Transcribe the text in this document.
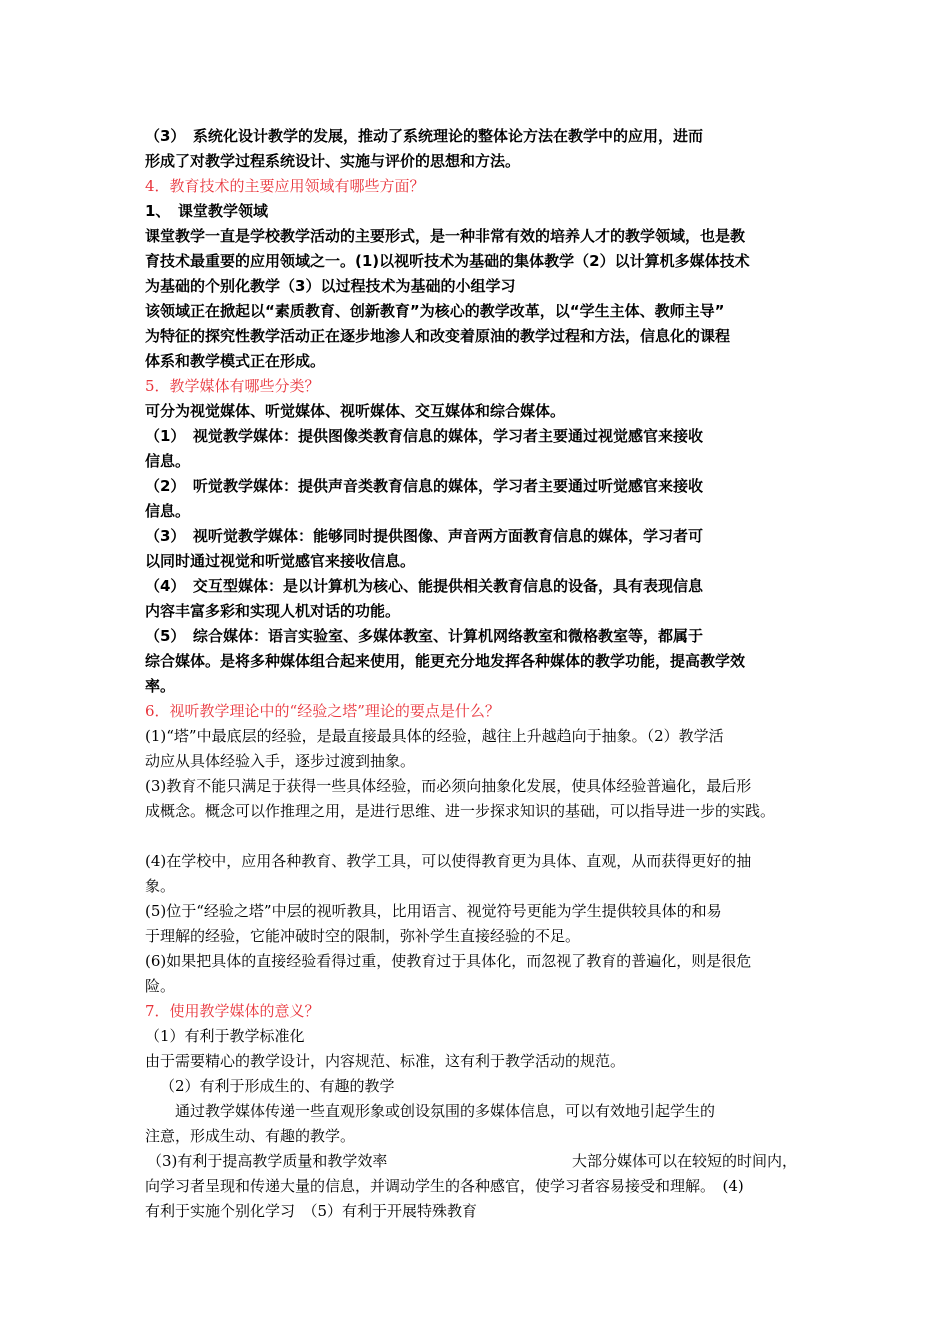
（3）　系统化设计教学的发展，推动了系统理论的整体论方法在教学中的应用，进而
形成了对教学过程系统设计、实施与评价的思想和方法。
4．教育技术的主要应用领域有哪些方面？
1、　课堂教学领域
课堂教学一直是学校教学活动的主要形式，是一种非常有效的培养人才的教学领域，也是教
育技术最重要的应用领域之一。(1)以视听技术为基础的集体教学（2）以计算机多媒体技术
为基础的个别化教学（3）以过程技术为基础的小组学习
该领域正在掀起以“素质教育、创新教育”为核心的教学改革，以“学生主体、教师主导”
为特征的探究性教学活动正在逐步地渗人和改变着原油的教学过程和方法，信息化的课程
体系和教学模式正在形成。
5．教学媒体有哪些分类？
可分为视觉媒体、听觉媒体、视听媒体、交互媒体和综合媒体。
（1）　视觉教学媒体：提供图像类教育信息的媒体，学习者主要通过视觉感官来接收
信息。
（2）　听觉教学媒体：提供声音类教育信息的媒体，学习者主要通过听觉感官来接收
信息。
（3）　视听觉教学媒体：能够同时提供图像、声音两方面教育信息的媒体，学习者可
以同时通过视觉和听觉感官来接收信息。
（4）　交互型媒体：是以计算机为核心、能提供相关教育信息的设备，具有表现信息
内容丰富多彩和实现人机对话的功能。
（5）　综合媒体：语言实验室、多媒体教室、计算机网络教室和微格教室等，都属于
综合媒体。是将多种媒体组合起来使用，能更充分地发挥各种媒体的教学功能，提高教学效
率。
6．视听教学理论中的“经验之塔”理论的要点是什么？
(1)“塔”中最底层的经验，是最直接最具体的经验，越往上升越趋向于抽象。（2）教学活
动应从具体经验入手，逐步过渡到抽象。
(3)教育不能只满足于获得一些具体经验，而必须向抽象化发展，使具体经验普遍化，最后形
成概念。概念可以作推理之用，是进行思维、进一步探求知识的基础，可以指导进一步的实践。
(4)在学校中，应用各种教育、教学工具，可以使得教育更为具体、直观，从而获得更好的抽
象。
(5)位于“经验之塔”中层的视听教具，比用语言、视觉符号更能为学生提供较具体的和易
于理解的经验，它能冲破时空的限制，弥补学生直接经验的不足。
(6)如果把具体的直接经验看得过重，使教育过于具体化，而忽视了教育的普遍化，则是很危
险。
7．使用教学媒体的意义？
（1）有利于教学标准化
由于需要精心的教学设计，内容规范、标准，这有利于教学活动的规范。
（2）有利于形成生的、有趣的教学
通过教学媒体传递一些直观形象或创设氛围的多媒体信息，可以有效地引起学生的
注意，形成生动、有趣的教学。
（3)有利于提高教学质量和教学效率	大部分媒体可以在较短的时间内，
向学习者呈现和传递大量的信息，并调动学生的各种感官，使学习者容易接受和理解。　(4)
有利于实施个别化学习　（5）有利于开展特殊教育
